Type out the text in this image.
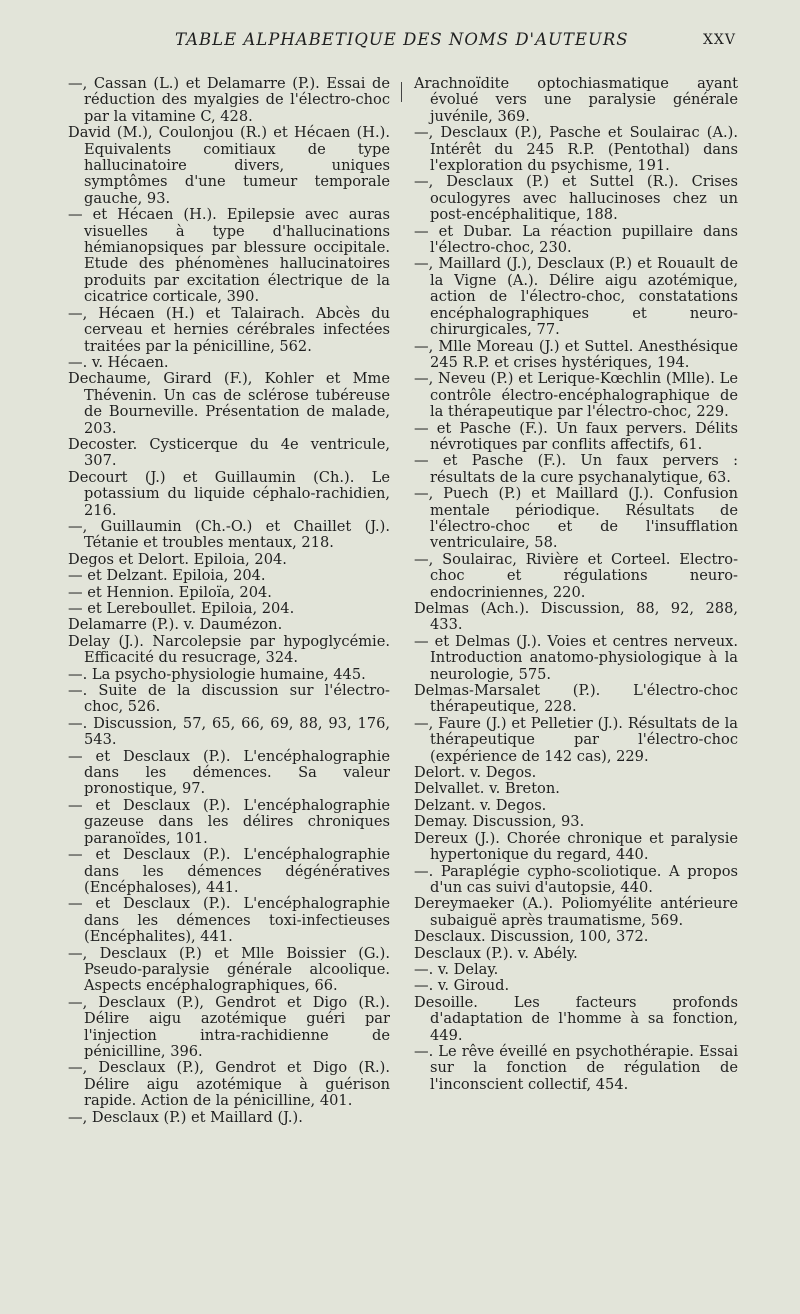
TABLE ALPHABETIQUE DES NOMS D'AUTEURS	XXV

—, Cassan (L.) et Delamarre (P.). Essai de réduction des myalgies de l'électro-choc par la vitamine C, 428.

David (M.), Coulonjou (R.) et Hécaen (H.). Equivalents comitiaux de type hallucinatoire divers, uniques symptômes d'une tumeur temporale gauche, 93.

— et Hécaen (H.). Epilepsie avec auras visuelles à type d'hallucinations hémianopsiques par blessure occipitale. Etude des phénomènes hallucinatoires produits par excitation électrique de la cicatrice corticale, 390.

—, Hécaen (H.) et Talairach. Abcès du cerveau et hernies cérébrales infectées traitées par la pénicilline, 562.

—. v. Hécaen.

Dechaume, Girard (F.), Kohler et Mme Thévenin. Un cas de sclérose tubéreuse de Bourneville. Présentation de malade, 203.

Decoster. Cysticerque du 4e ventricule, 307.

Decourt (J.) et Guillaumin (Ch.). Le potassium du liquide céphalo-rachidien, 216.

—, Guillaumin (Ch.-O.) et Chaillet (J.). Tétanie et troubles mentaux, 218.

Degos et Delort. Epiloia, 204.

— et Delzant. Epiloia, 204.

— et Hennion. Epiloïa, 204.

— et Lereboullet. Epiloia, 204.

Delamarre (P.). v. Daumézon.

Delay (J.). Narcolepsie par hypoglycémie. Efficacité du resucrage, 324.

—. La psycho-physiologie humaine, 445.

—. Suite de la discussion sur l'électro-choc, 526.

—. Discussion, 57, 65, 66, 69, 88, 93, 176, 543.

— et Desclaux (P.). L'encéphalographie dans les démences. Sa valeur pronostique, 97.

— et Desclaux (P.). L'encéphalographie gazeuse dans les délires chroniques paranoïdes, 101.

— et Desclaux (P.). L'encéphalographie dans les démences dégénératives (Encéphaloses), 441.

— et Desclaux (P.). L'encéphalographie dans les démences toxi-infectieuses (Encéphalites), 441.

—, Desclaux (P.) et Mlle Boissier (G.). Pseudo-paralysie générale alcoolique. Aspects encéphalographiques, 66.

—, Desclaux (P.), Gendrot et Digo (R.). Délire aigu azotémique guéri par l'injection intra-rachidienne de pénicilline, 396.

—, Desclaux (P.), Gendrot et Digo (R.). Délire aigu azotémique à guérison rapide. Action de la pénicilline, 401.

—, Desclaux (P.) et Maillard (J.).

Arachnoïdite optochiasmatique ayant évolué vers une paralysie générale juvénile, 369.

—, Desclaux (P.), Pasche et Soulairac (A.). Intérêt du 245 R.P. (Pentothal) dans l'exploration du psychisme, 191.

—, Desclaux (P.) et Suttel (R.). Crises oculogyres avec hallucinoses chez un post-encéphalitique, 188.

— et Dubar. La réaction pupillaire dans l'électro-choc, 230.

—, Maillard (J.), Desclaux (P.) et Rouault de la Vigne (A.). Délire aigu azotémique, action de l'électro-choc, constatations encéphalographiques et neuro-chirurgicales, 77.

—, Mlle Moreau (J.) et Suttel. Anesthésique 245 R.P. et crises hystériques, 194.

—, Neveu (P.) et Lerique-Kœchlin (Mlle). Le contrôle électro-encéphalographique de la thérapeutique par l'électro-choc, 229.

— et Pasche (F.). Un faux pervers. Délits névrotiques par conflits affectifs, 61.

— et Pasche (F.). Un faux pervers : résultats de la cure psychanalytique, 63.

—, Puech (P.) et Maillard (J.). Confusion mentale périodique. Résultats de l'électro-choc et de l'insufflation ventriculaire, 58.

—, Soulairac, Rivière et Corteel. Electro-choc et régulations neuro-endocriniennes, 220.

Delmas (Ach.). Discussion, 88, 92, 288, 433.

— et Delmas (J.). Voies et centres nerveux. Introduction anatomo-physiologique à la neurologie, 575.

Delmas-Marsalet (P.). L'électro-choc thérapeutique, 228.

—, Faure (J.) et Pelletier (J.). Résultats de la thérapeutique par l'électro-choc (expérience de 142 cas), 229.

Delort. v. Degos.

Delvallet. v. Breton.

Delzant. v. Degos.

Demay. Discussion, 93.

Dereux (J.). Chorée chronique et paralysie hypertonique du regard, 440.

—. Paraplégie cypho-scoliotique. A propos d'un cas suivi d'autopsie, 440.

Dereymaeker (A.). Poliomyélite antérieure subaiguë après traumatisme, 569.

Desclaux. Discussion, 100, 372.

Desclaux (P.). v. Abély.

—. v. Delay.

—. v. Giroud.

Desoille. Les facteurs profonds d'adaptation de l'homme à sa fonction, 449.

—. Le rêve éveillé en psychothérapie. Essai sur la fonction de régulation de l'inconscient collectif, 454.
